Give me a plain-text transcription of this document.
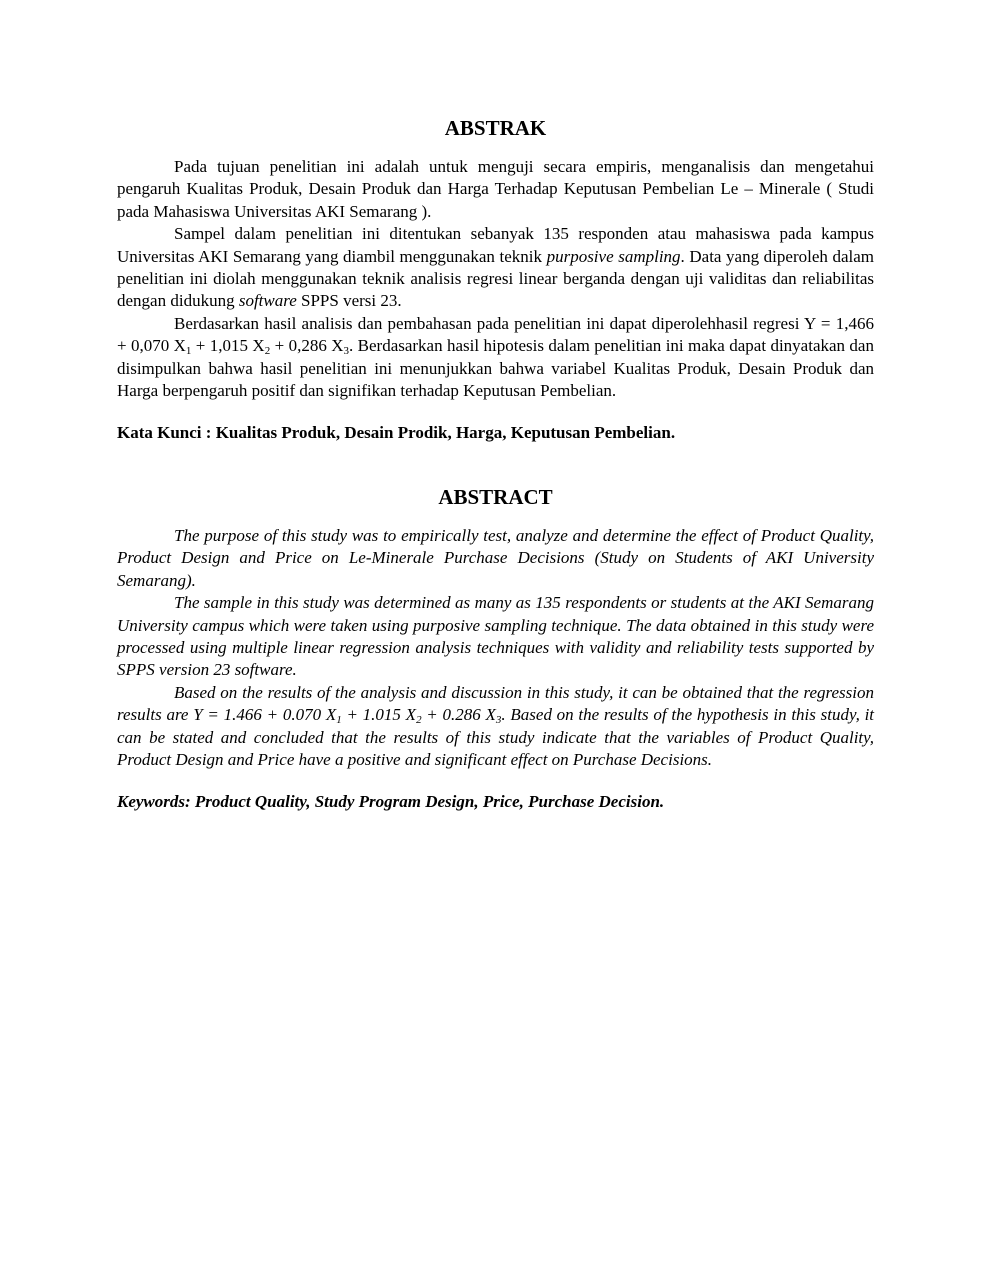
ABSTRAK

Pada tujuan penelitian ini adalah untuk menguji secara empiris, menganalisis dan mengetahui pengaruh Kualitas Produk, Desain Produk dan Harga Terhadap Keputusan Pembelian Le – Minerale ( Studi pada Mahasiswa Universitas AKI Semarang ).

Sampel dalam penelitian ini ditentukan sebanyak 135 responden atau mahasiswa pada kampus Universitas AKI Semarang yang diambil menggunakan teknik purposive sampling. Data yang diperoleh dalam penelitian ini diolah menggunakan teknik analisis regresi linear berganda dengan uji validitas dan reliabilitas dengan didukung software SPPS versi 23.

Berdasarkan hasil analisis dan pembahasan pada penelitian ini dapat diperolehhasil regresi Y = 1,466 + 0,070 $X_1 + 1,015$ $X_2 + 0,286$ $X_3$. Berdasarkan hasil hipotesis dalam penelitian ini maka dapat dinyatakan dan disimpulkan bahwa hasil penelitian ini menunjukkan bahwa variabel Kualitas Produk, Desain Produk dan Harga berpengaruh positif dan signifikan terhadap Keputusan Pembelian.

Kata Kunci : Kualitas Produk, Desain Prodik, Harga, Keputusan Pembelian.

ABSTRACT

The purpose of this study was to empirically test, analyze and determine the effect of Product Quality, Product Design and Price on Le-Minerale Purchase Decisions (Study on Students of AKI University Semarang).

The sample in this study was determined as many as 135 respondents or students at the AKI Semarang University campus which were taken using purposive sampling technique. The data obtained in this study were processed using multiple linear regression analysis techniques with validity and reliability tests supported by SPPS version 23 software.

Based on the results of the analysis and discussion in this study, it can be obtained that the regression results are Y = 1.466 + 0.070 $X_1 + 1.015$ $X_2 + 0.286$ $X_3$. Based on the results of the hypothesis in this study, it can be stated and concluded that the results of this study indicate that the variables of Product Quality, Product Design and Price have a positive and significant effect on Purchase Decisions.

Keywords: Product Quality, Study Program Design, Price, Purchase Decision.
